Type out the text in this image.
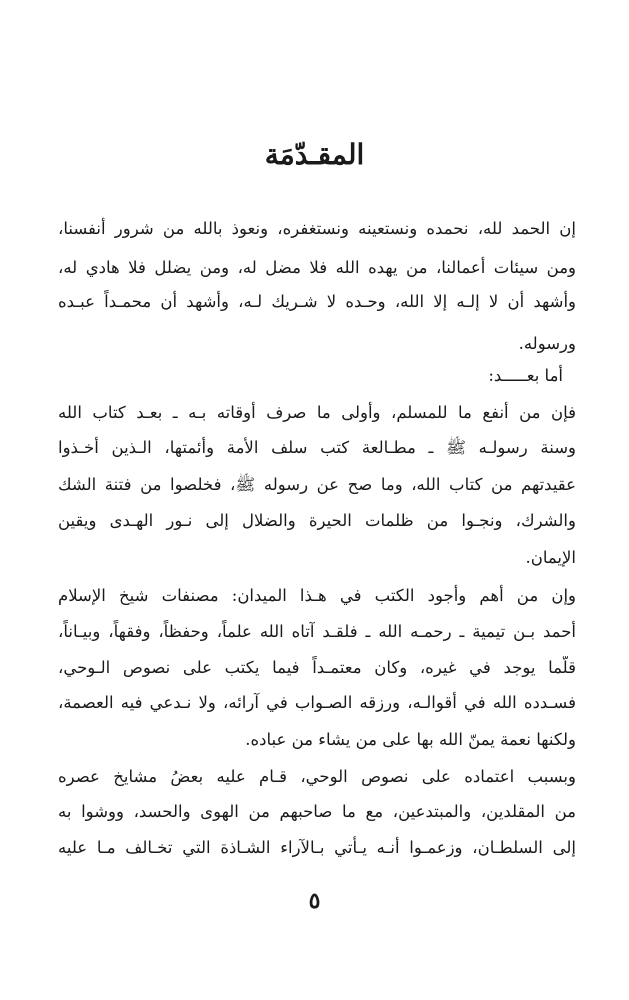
المقـدّمَة
إن الحمد لله، نحمده ونستعينه ونستغفره، ونعوذ بالله من شرور أنفسنا،
ومن سيئات أعمالنا، من يهده الله فلا مضل له، ومن يضلل فلا هادي له،
وأشهد أن لا إلـه إلا الله، وحـده لا شـريك لـه، وأشهد أن محمـداً عبـده
ورسوله.
أما بعـــــد:
فإن من أنفع ما للمسلم، وأولى ما صرف أوقاته بـه ـ بعـد كتاب الله
وسنة رسولـه ﷺ ـ مطـالعة كتب سلف الأمة وأئمتها، الـذين أخـذوا
عقيدتهم من كتاب الله، وما صح عن رسوله ﷺ، فخلصوا من فتنة الشك
والشرك، ونجـوا من ظلمات الحيرة والضلال إلى نـور الهـدى ويقين
الإيمان.
وإن من أهم وأجود الكتب في هـذا الميدان: مصنفات شيخ الإسلام
أحمد بـن تيمية ـ رحمـه الله ـ فلقـد آتاه الله علماً، وحفظاً، وفقهاً، وبيـاناً،
قلّما يوجد في غيره، وكان معتمـداً فيما يكتب على نصوص الـوحي،
فسـدده الله في أقوالـه، ورزقه الصـواب في آرائه، ولا نـدعي فيه العصمة،
ولكنها نعمة يمنّ الله بها على من يشاء من عباده.
وبسبب اعتماده على نصوص الوحي، قـام عليه بعضُ مشايخ عصره
من المقلدين، والمبتدعين، مع ما صاحبهم من الهوى والحسد، ووشوا به
إلى السلطـان، وزعمـوا أنـه يـأتي بـالآراء الشـاذة التي تخـالف مـا عليه
٥
